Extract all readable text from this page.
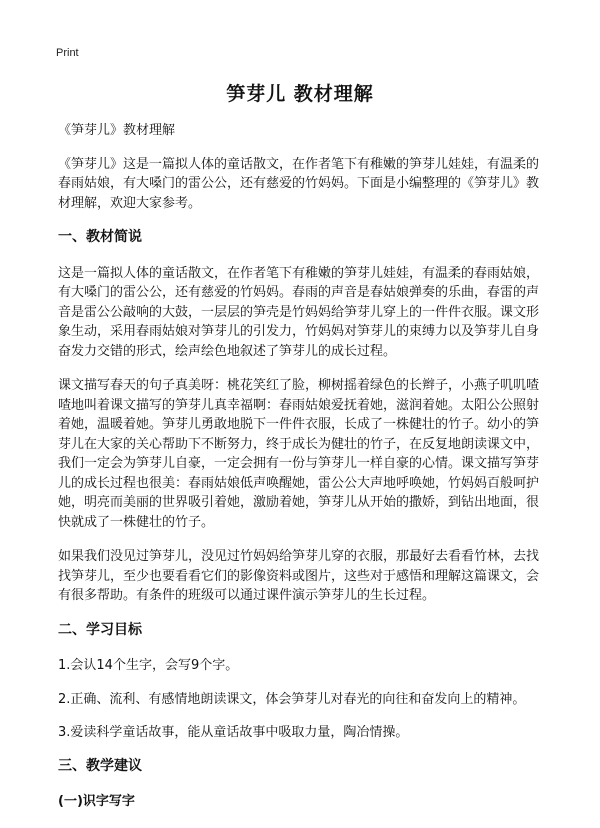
Print
笋芽儿 教材理解

《笋芽儿》教材理解

《笋芽儿》这是一篇拟人体的童话散文，在作者笔下有稚嫩的笋芽儿娃娃，有温柔的春雨姑娘，有大嗓门的雷公公，还有慈爱的竹妈妈。下面是小编整理的《笋芽儿》教材理解，欢迎大家参考。

一、教材简说

这是一篇拟人体的童话散文，在作者笔下有稚嫩的笋芽儿娃娃，有温柔的春雨姑娘，有大嗓门的雷公公，还有慈爱的竹妈妈。春雨的声音是春姑娘弹奏的乐曲，春雷的声音是雷公公敲响的大鼓，一层层的笋壳是竹妈妈给笋芽儿穿上的一件件衣服。课文形象生动，采用春雨姑娘对笋芽儿的引发力，竹妈妈对笋芽儿的束缚力以及笋芽儿自身奋发力交错的形式，绘声绘色地叙述了笋芽儿的成长过程。

课文描写春天的句子真美呀：桃花笑红了脸，柳树摇着绿色的长辫子，小燕子叽叽喳喳地叫着课文描写的笋芽儿真幸福啊：春雨姑娘爱抚着她，滋润着她。太阳公公照射着她，温暖着她。笋芽儿勇敢地脱下一件件衣服，长成了一株健壮的竹子。幼小的笋芽儿在大家的关心帮助下不断努力，终于成长为健壮的竹子，在反复地朗读课文中，我们一定会为笋芽儿自豪，一定会拥有一份与笋芽儿一样自豪的心情。课文描写笋芽儿的成长过程也很美：春雨姑娘低声唤醒她，雷公公大声地呼唤她，竹妈妈百般呵护她，明亮而美丽的世界吸引着她，激励着她，笋芽儿从开始的撒娇，到钻出地面，很快就成了一株健壮的竹子。

如果我们没见过笋芽儿，没见过竹妈妈给笋芽儿穿的衣服，那最好去看看竹林，去找找笋芽儿，至少也要看看它们的影像资料或图片，这些对于感悟和理解这篇课文，会有很多帮助。有条件的班级可以通过课件演示笋芽儿的生长过程。

二、学习目标

1.会认14个生字，会写9个字。

2.正确、流利、有感情地朗读课文，体会笋芽儿对春光的向往和奋发向上的精神。

3.爱读科学童话故事，能从童话故事中吸取力量，陶冶情操。

三、教学建议

(一)识字写字
